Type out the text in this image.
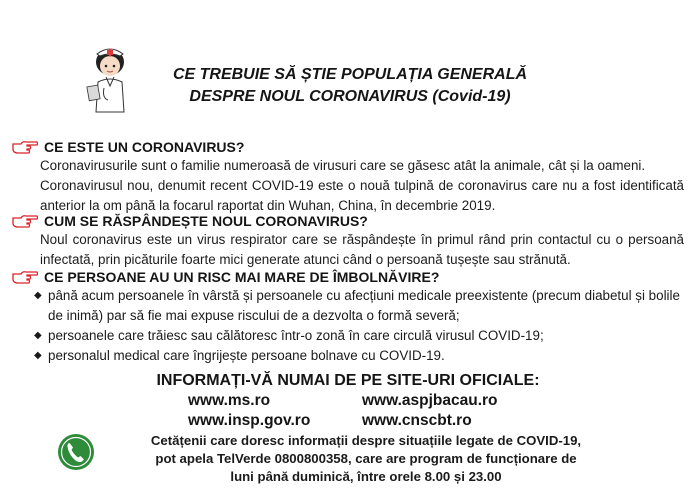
CE TREBUIE SĂ ȘTIE POPULAȚIA GENERALĂ
DESPRE NOUL CORONAVIRUS (Covid-19)
CE ESTE UN CORONAVIRUS?
Coronavirusurile sunt o familie numeroasă de virusuri care se găsesc atât la animale, cât și la oameni.
Coronavirusul nou, denumit recent COVID-19 este o nouă tulpină de coronavirus care nu a fost identificată anterior la om până la focarul raportat din Wuhan, China, în decembrie 2019.
CUM SE RĂSPÂNDEȘTE NOUL CORONAVIRUS?
Noul coronavirus este un virus respirator care se răspândește în primul rând prin contactul cu o persoană infectată, prin picăturile foarte mici generate atunci când o persoană tușește sau strănută.
CE PERSOANE AU UN RISC MAI MARE DE ÎMBOLNĂVIRE?
◆ până acum persoanele în vârstă și persoanele cu afecțiuni medicale preexistente (precum diabetul și bolile de inimă) par să fie mai expuse riscului de a dezvolta o formă severă;
◆ persoanele care trăiesc sau călătoresc într-o zonă în care circulă virusul COVID-19;
◆ personalul medical care îngrijește persoane bolnave cu COVID-19.
INFORMAȚI-VĂ NUMAI DE PE SITE-URI OFICIALE:
www.ms.ro
www.insp.gov.ro
www.aspjbacau.ro
www.cnscbt.ro
Cetățenii care doresc informații despre situațiile legate de COVID-19,
pot apela TelVerde 0800800358, care are program de funcționare de
luni până duminică, între orele 8.00 și 23.00
